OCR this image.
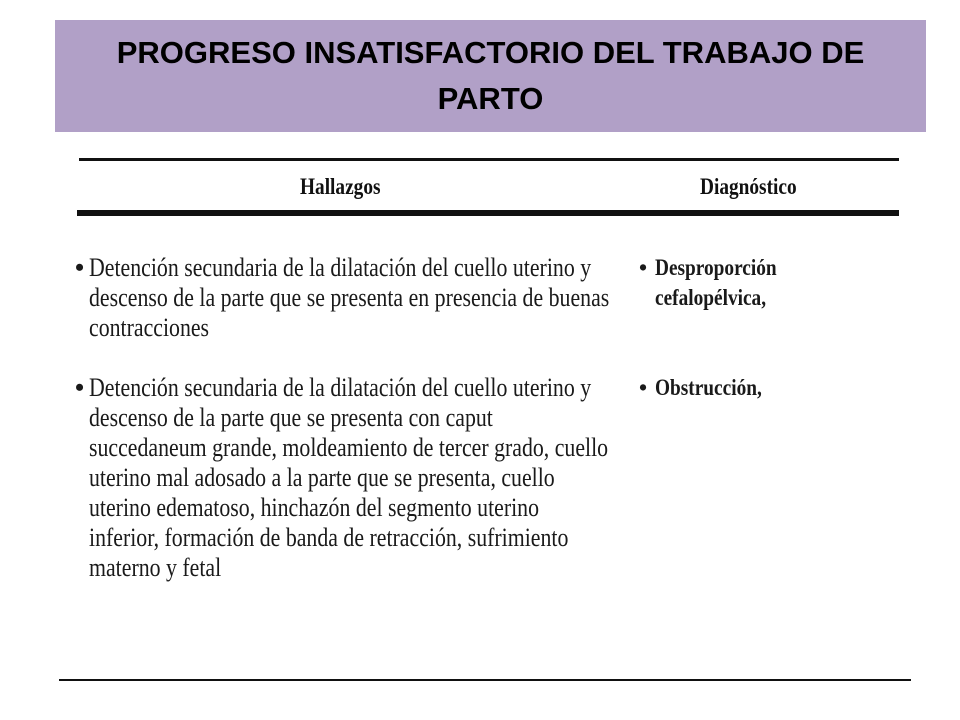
PROGRESO INSATISFACTORIO DEL TRABAJO DE PARTO
Hallazgos	Diagnóstico
• Detención secundaria de la dilatación del cuello uterino y descenso de la parte que se presenta en presencia de buenas contracciones
• Desproporción cefalopélvica,
• Detención secundaria de la dilatación del cuello uterino y descenso de la parte que se presenta con caput succedaneum grande, moldeamiento de tercer grado, cuello uterino mal adosado a la parte que se presenta, cuello uterino edematoso, hinchazón del segmento uterino inferior, formación de banda de retracción, sufrimiento materno y fetal
• Obstrucción,
